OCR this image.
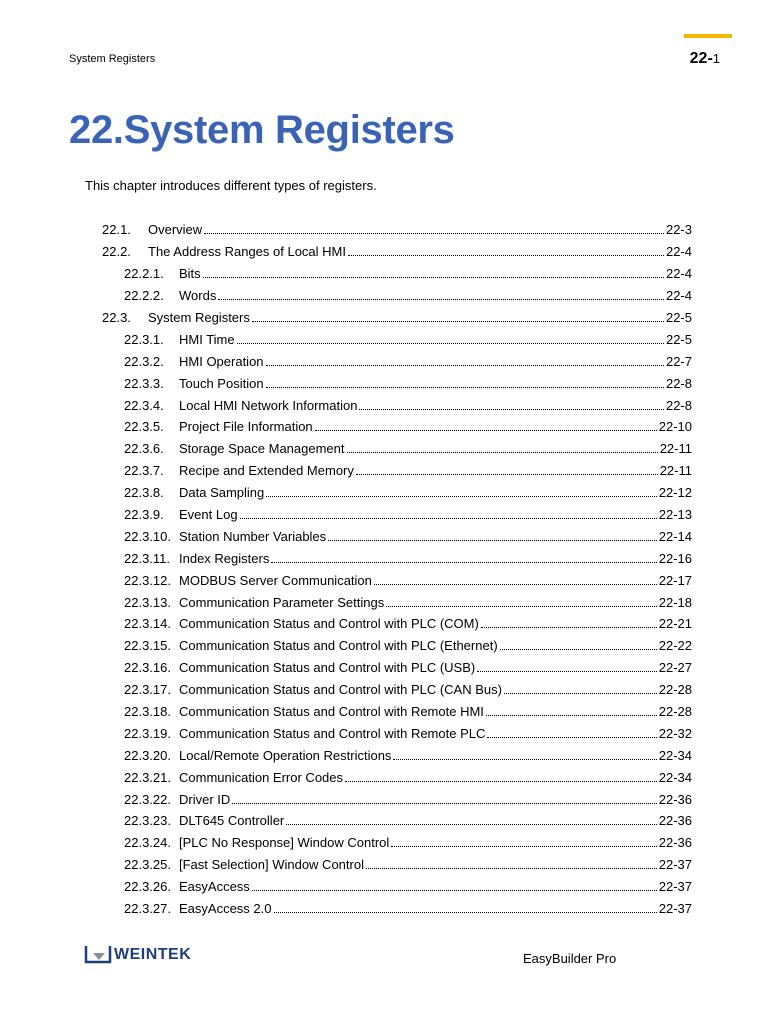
System Registers	22-1
22.System Registers

This chapter introduces different types of registers.

22.1.	Overview	22-3
22.2.	The Address Ranges of Local HMI	22-4
22.2.1.	Bits	22-4
22.2.2.	Words	22-4
22.3.	System Registers	22-5
22.3.1.	HMI Time	22-5
22.3.2.	HMI Operation	22-7
22.3.3.	Touch Position	22-8
22.3.4.	Local HMI Network Information	22-8
22.3.5.	Project File Information	22-10
22.3.6.	Storage Space Management	22-11
22.3.7.	Recipe and Extended Memory	22-11
22.3.8.	Data Sampling	22-12
22.3.9.	Event Log	22-13
22.3.10. Station Number Variables	22-14
22.3.11. Index Registers	22-16
22.3.12. MODBUS Server Communication	22-17
22.3.13. Communication Parameter Settings	22-18
22.3.14. Communication Status and Control with PLC (COM)	22-21
22.3.15. Communication Status and Control with PLC (Ethernet)	22-22
22.3.16. Communication Status and Control with PLC (USB)	22-27
22.3.17. Communication Status and Control with PLC (CAN Bus)	22-28
22.3.18. Communication Status and Control with Remote HMI	22-28
22.3.19. Communication Status and Control with Remote PLC	22-32
22.3.20. Local/Remote Operation Restrictions	22-34
22.3.21. Communication Error Codes	22-34
22.3.22. Driver ID	22-36
22.3.23. DLT645 Controller	22-36
22.3.24. [PLC No Response] Window Control	22-36
22.3.25. [Fast Selection] Window Control	22-37
22.3.26. EasyAccess	22-37
22.3.27. EasyAccess 2.0	22-37
WEINTEK	EasyBuilder Pro
